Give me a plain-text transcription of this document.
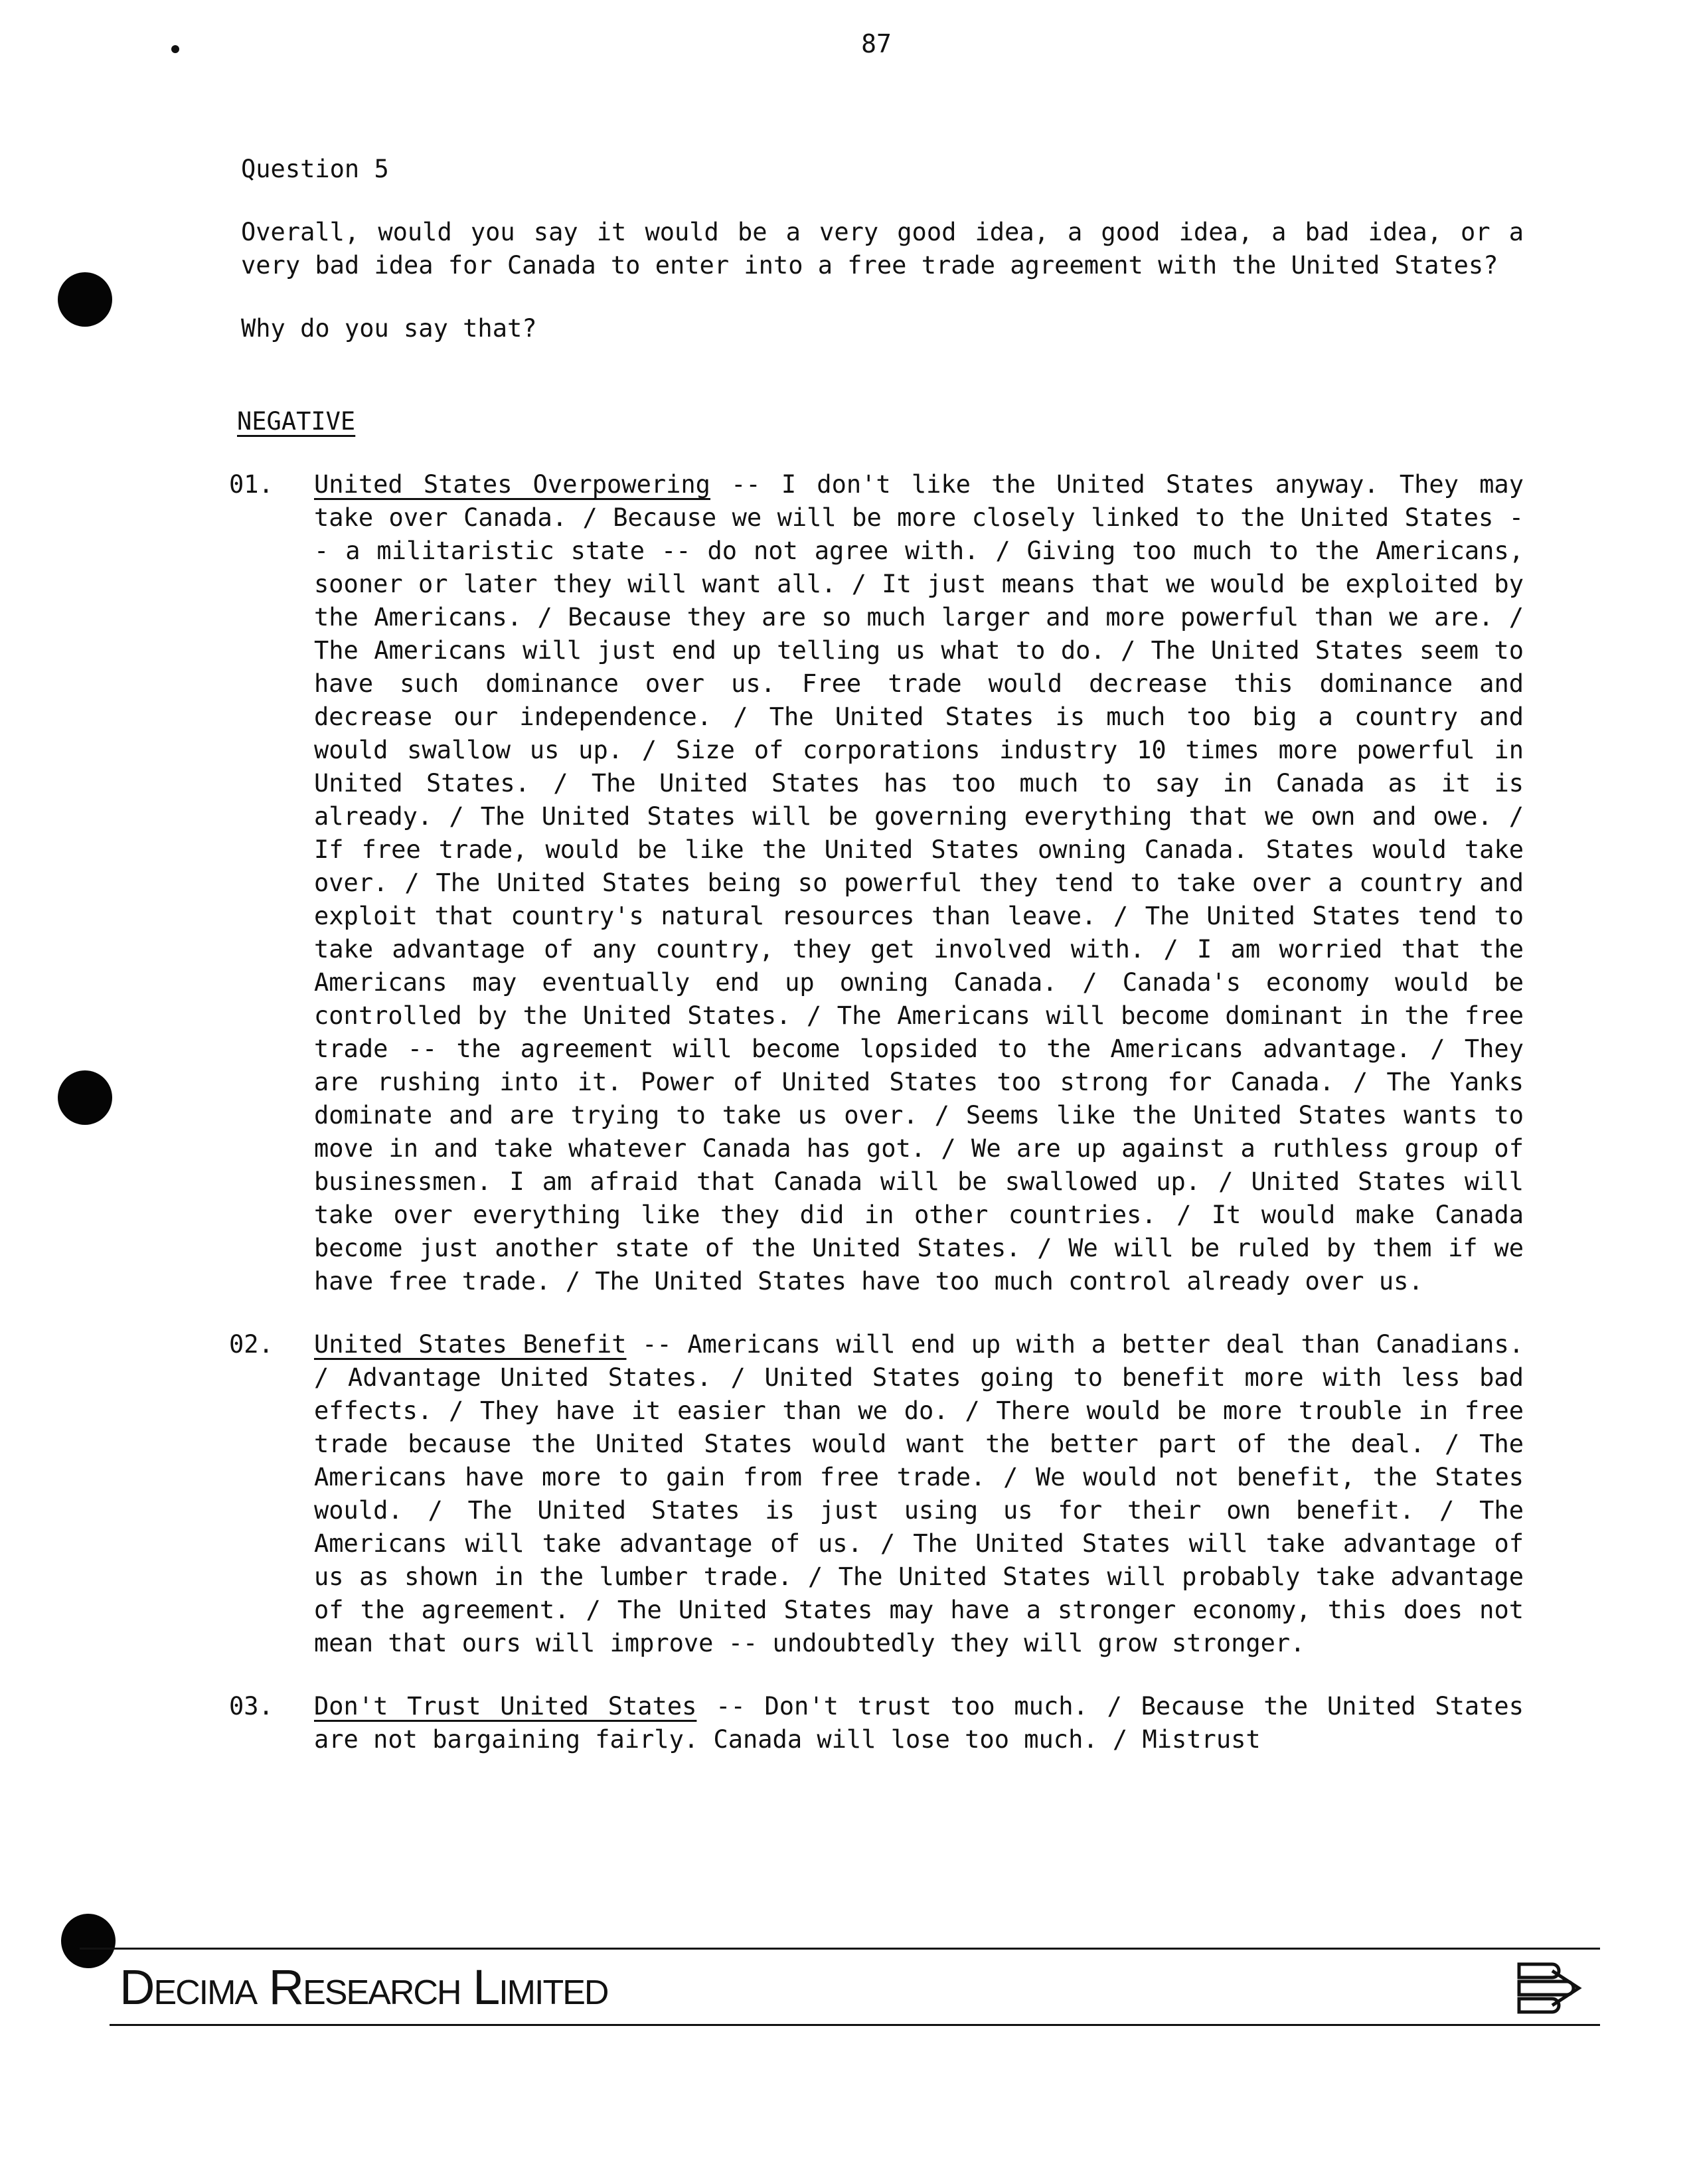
87
Question 5
Overall, would you say it would be a very good idea, a good idea, a bad idea, or a very bad idea for Canada to enter into a free trade agreement with the United States?
Why do you say that?
NEGATIVE
01. United States Overpowering -- I don't like the United States anyway. They may take over Canada. / Because we will be more closely linked to the United States -- a militaristic state -- do not agree with. / Giving too much to the Americans, sooner or later they will want all. / It just means that we would be exploited by the Americans. / Because they are so much larger and more powerful than we are. / The Americans will just end up telling us what to do. / The United States seem to have such dominance over us. Free trade would decrease this dominance and decrease our independence. / The United States is much too big a country and would swallow us up. / Size of corporations industry 10 times more powerful in United States. / The United States has too much to say in Canada as it is already. / The United States will be governing everything that we own and owe. / If free trade, would be like the United States owning Canada. States would take over. / The United States being so powerful they tend to take over a country and exploit that country's natural resources than leave. / The United States tend to take advantage of any country, they get involved with. / I am worried that the Americans may eventually end up owning Canada. / Canada's economy would be controlled by the United States. / The Americans will become dominant in the free trade -- the agreement will become lopsided to the Americans advantage. / They are rushing into it. Power of United States too strong for Canada. / The Yanks dominate and are trying to take us over. / Seems like the United States wants to move in and take whatever Canada has got. / We are up against a ruthless group of businessmen. I am afraid that Canada will be swallowed up. / United States will take over everything like they did in other countries. / It would make Canada become just another state of the United States. / We will be ruled by them if we have free trade. / The United States have too much control already over us.
02. United States Benefit -- Americans will end up with a better deal than Canadians. / Advantage United States. / United States going to benefit more with less bad effects. / They have it easier than we do. / There would be more trouble in free trade because the United States would want the better part of the deal. / The Americans have more to gain from free trade. / We would not benefit, the States would. / The United States is just using us for their own benefit. / The Americans will take advantage of us. / The United States will take advantage of us as shown in the lumber trade. / The United States will probably take advantage of the agreement. / The United States may have a stronger economy, this does not mean that ours will improve -- undoubtedly they will grow stronger.
03. Don't Trust United States -- Don't trust too much. / Because the United States are not bargaining fairly. Canada will lose too much. / Mistrust
Decima Research Limited
